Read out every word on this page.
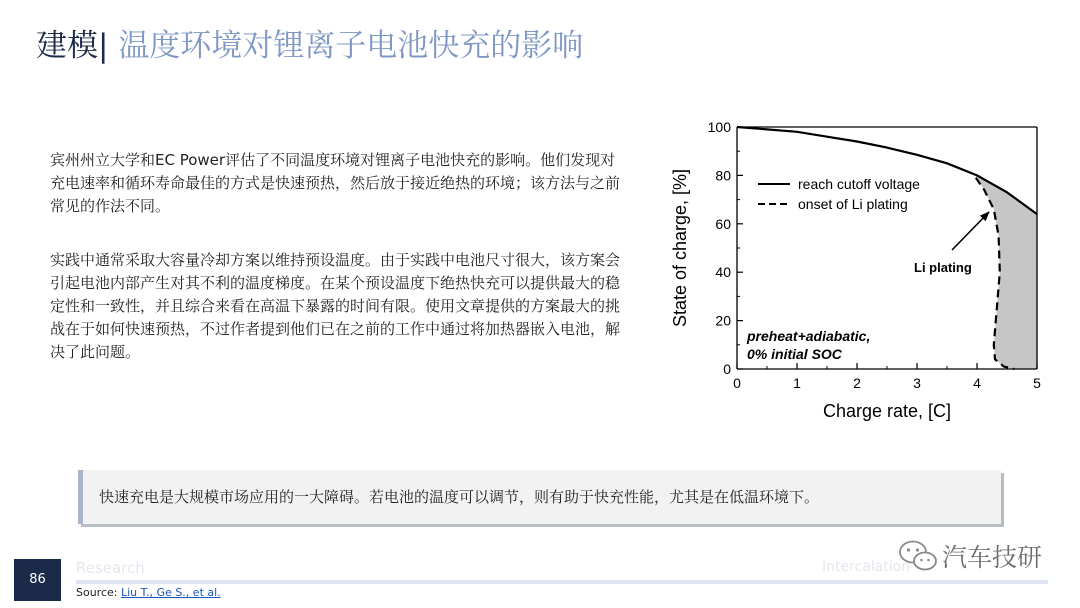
建模| 温度环境对锂离子电池快充的影响

宾州州立大学和EC Power评估了不同温度环境对锂离子电池快充的影响。他们发现对充电速率和循环寿命最佳的方式是快速预热，然后放于接近绝热的环境；该方法与之前常见的作法不同。

实践中通常采取大容量冷却方案以维持预设温度。由于实践中电池尺寸很大，该方案会引起电池内部产生对其不利的温度梯度。在某个预设温度下绝热快充可以提供最大的稳定性和一致性，并且综合来看在高温下暴露的时间有限。使用文章提供的方案最大的挑战在于如何快速预热，不过作者提到他们已在之前的工作中通过将加热器嵌入电池，解决了此问题。

0	1	2	3	4	5
0
20
40
60
80
100
reach cutoff voltage
onset of Li plating
Li plating
preheat+adiabatic,
0% initial SOC
Charge rate, [C]
State of charge, [%]
快速充电是大规模市场应用的一大障碍。若电池的温度可以调节，则有助于快充性能，尤其是在低温环境下。
86
Research	Intercalation
Source: Liu T., Ge S., et al.
汽车技研
